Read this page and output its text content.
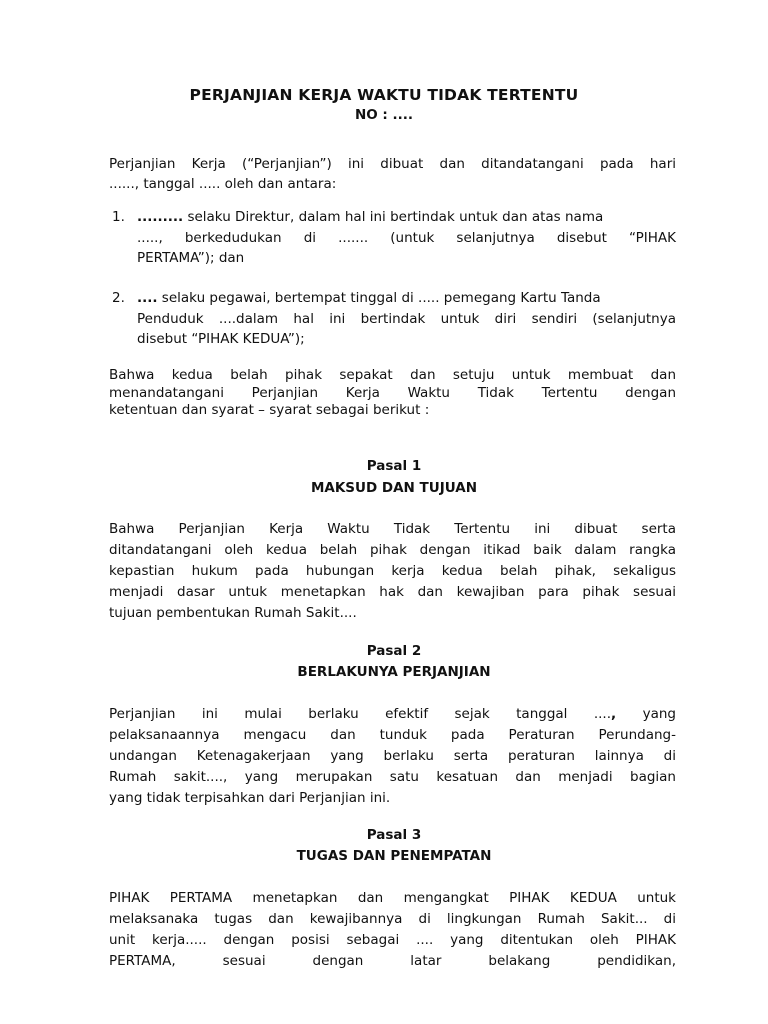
PERJANJIAN KERJA WAKTU TIDAK TERTENTU
NO : ....
Perjanjian Kerja (“Perjanjian”) ini dibuat dan ditandatangani pada hari
......, tanggal ..... oleh dan antara:
1. ......... selaku Direktur, dalam hal ini bertindak untuk dan atas nama
....., berkedudukan di ....... (untuk selanjutnya disebut “PIHAK
PERTAMA”); dan
2. .... selaku pegawai, bertempat tinggal di ..... pemegang Kartu Tanda
Penduduk ....dalam hal ini bertindak untuk diri sendiri (selanjutnya
disebut “PIHAK KEDUA”);
Bahwa kedua belah pihak sepakat dan setuju untuk membuat dan
menandatangani Perjanjian Kerja Waktu Tidak Tertentu dengan
ketentuan dan syarat – syarat sebagai berikut :
Pasal 1
MAKSUD DAN TUJUAN
Bahwa Perjanjian Kerja Waktu Tidak Tertentu ini dibuat serta
ditandatangani oleh kedua belah pihak dengan itikad baik dalam rangka
kepastian hukum pada hubungan kerja kedua belah pihak, sekaligus
menjadi dasar untuk menetapkan hak dan kewajiban para pihak sesuai
tujuan pembentukan Rumah Sakit....
Pasal 2
BERLAKUNYA PERJANJIAN
Perjanjian ini mulai berlaku efektif sejak tanggal ...., yang
pelaksanaannya mengacu dan tunduk pada Peraturan Perundang-
undangan Ketenagakerjaan yang berlaku serta peraturan lainnya di
Rumah sakit...., yang merupakan satu kesatuan dan menjadi bagian
yang tidak terpisahkan dari Perjanjian ini.
Pasal 3
TUGAS DAN PENEMPATAN
PIHAK PERTAMA menetapkan dan mengangkat PIHAK KEDUA untuk
melaksanaka tugas dan kewajibannya di lingkungan Rumah Sakit... di
unit kerja..... dengan posisi sebagai .... yang ditentukan oleh PIHAK
PERTAMA, sesuai dengan latar belakang pendidikan,
